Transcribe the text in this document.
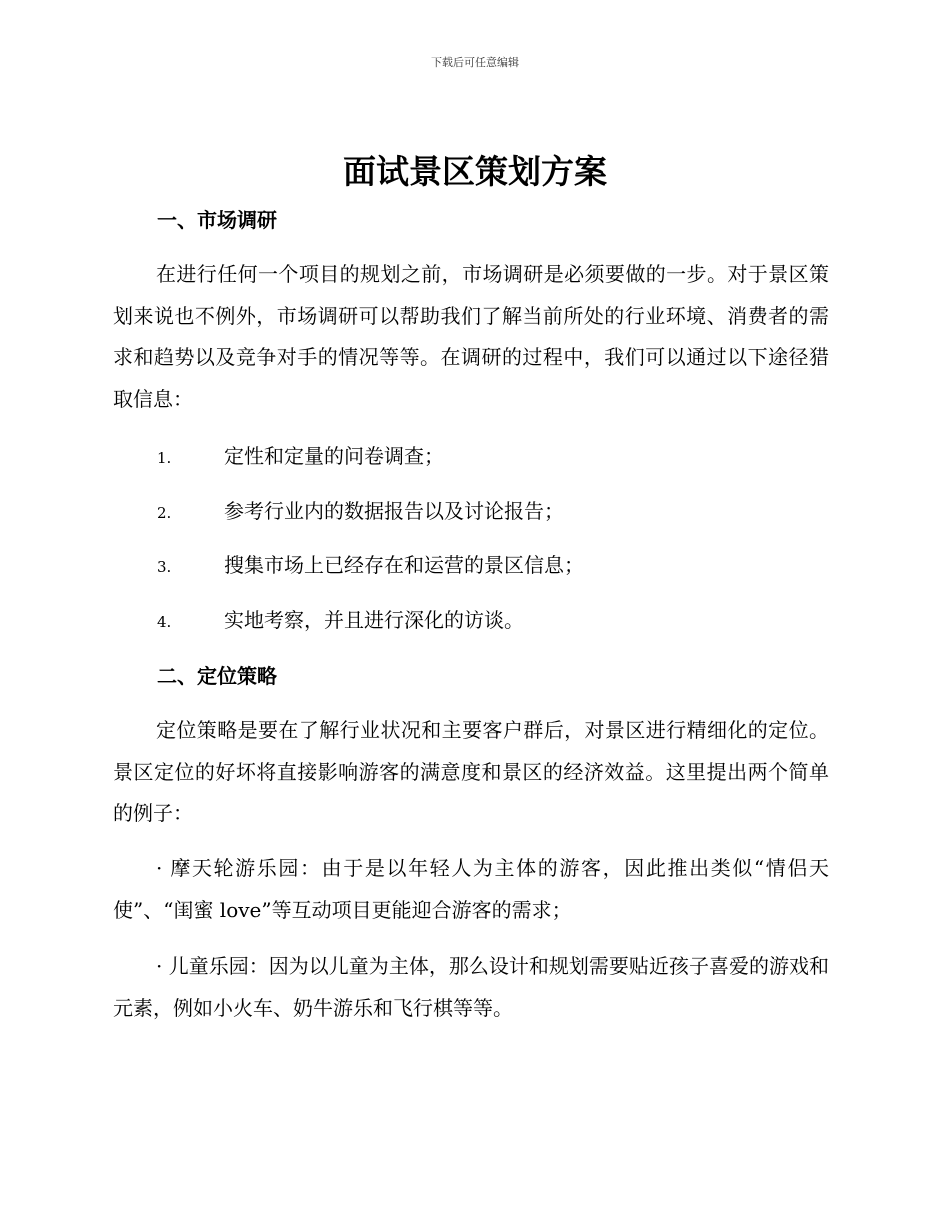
下载后可任意编辑
面试景区策划方案
一、市场调研

在进行任何一个项目的规划之前，市场调研是必须要做的一步。对于景区策划来说也不例外，市场调研可以帮助我们了解当前所处的行业环境、消费者的需求和趋势以及竞争对手的情况等等。在调研的过程中，我们可以通过以下途径猎取信息：

1.	定性和定量的问卷调查；
2.	参考行业内的数据报告以及讨论报告；
3.	搜集市场上已经存在和运营的景区信息；
4.	实地考察，并且进行深化的访谈。
二、定位策略

定位策略是要在了解行业状况和主要客户群后，对景区进行精细化的定位。景区定位的好坏将直接影响游客的满意度和景区的经济效益。这里提出两个简单的例子：

· 摩天轮游乐园：由于是以年轻人为主体的游客，因此推出类似“情侣天使”、“闺蜜 love”等互动项目更能迎合游客的需求；

· 儿童乐园：因为以儿童为主体，那么设计和规划需要贴近孩子喜爱的游戏和元素，例如小火车、奶牛游乐和飞行棋等等。
